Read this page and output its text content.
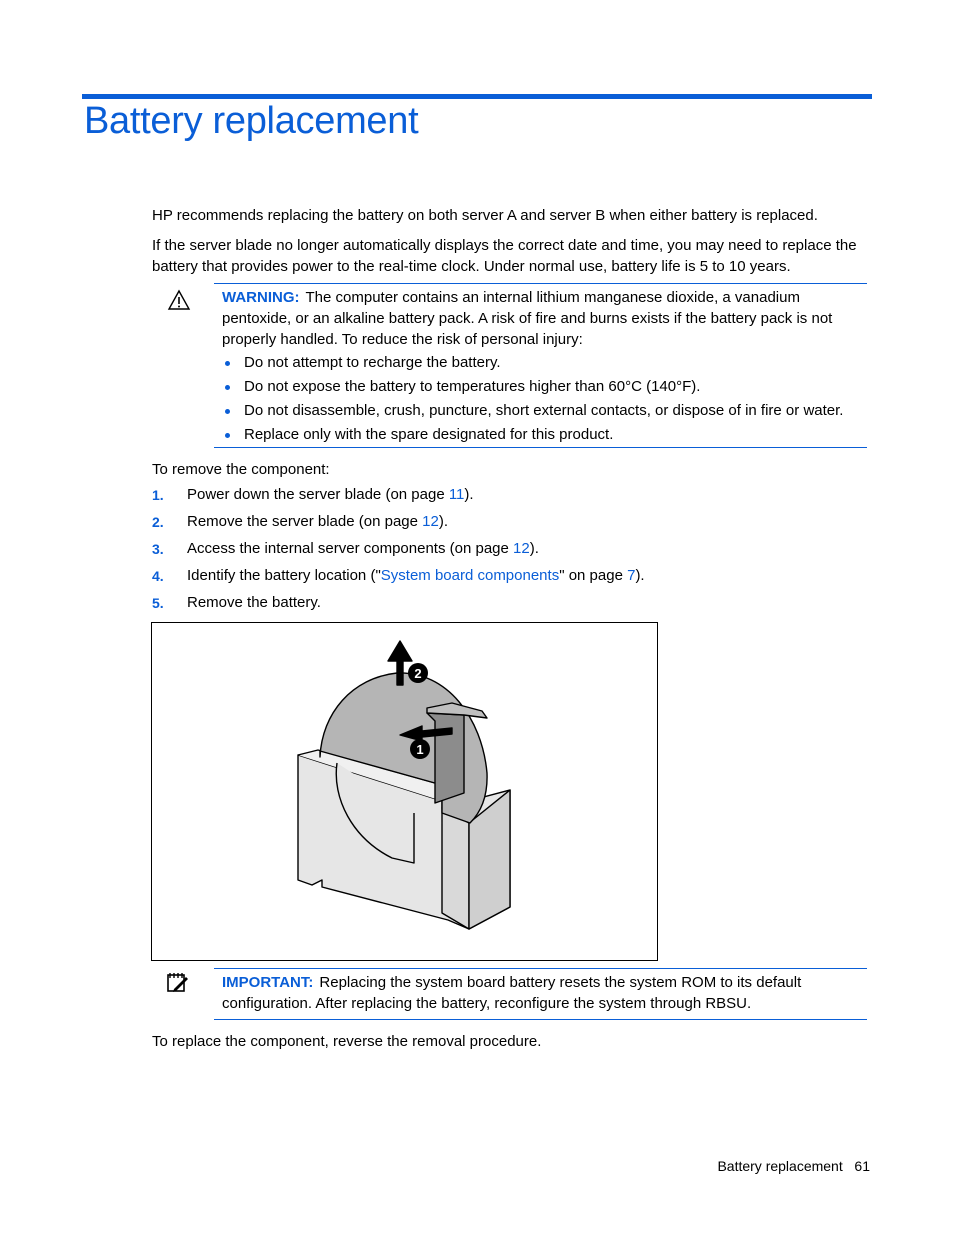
Battery replacement

HP recommends replacing the battery on both server A and server B when either battery is replaced.

If the server blade no longer automatically displays the correct date and time, you may need to replace the battery that provides power to the real-time clock. Under normal use, battery life is 5 to 10 years.

WARNING: The computer contains an internal lithium manganese dioxide, a vanadium pentoxide, or an alkaline battery pack. A risk of fire and burns exists if the battery pack is not properly handled. To reduce the risk of personal injury:

Do not attempt to recharge the battery.
Do not expose the battery to temperatures higher than 60°C (140°F).
Do not disassemble, crush, puncture, short external contacts, or dispose of in fire or water.
Replace only with the spare designated for this product.

To remove the component:

1. Power down the server blade (on page 11).
2. Remove the server blade (on page 12).
3. Access the internal server components (on page 12).
4. Identify the battery location ("System board components" on page 7).
5. Remove the battery.
2
1

IMPORTANT: Replacing the system board battery resets the system ROM to its default configuration. After replacing the battery, reconfigure the system through RBSU.

To replace the component, reverse the removal procedure.

Battery replacement 61
